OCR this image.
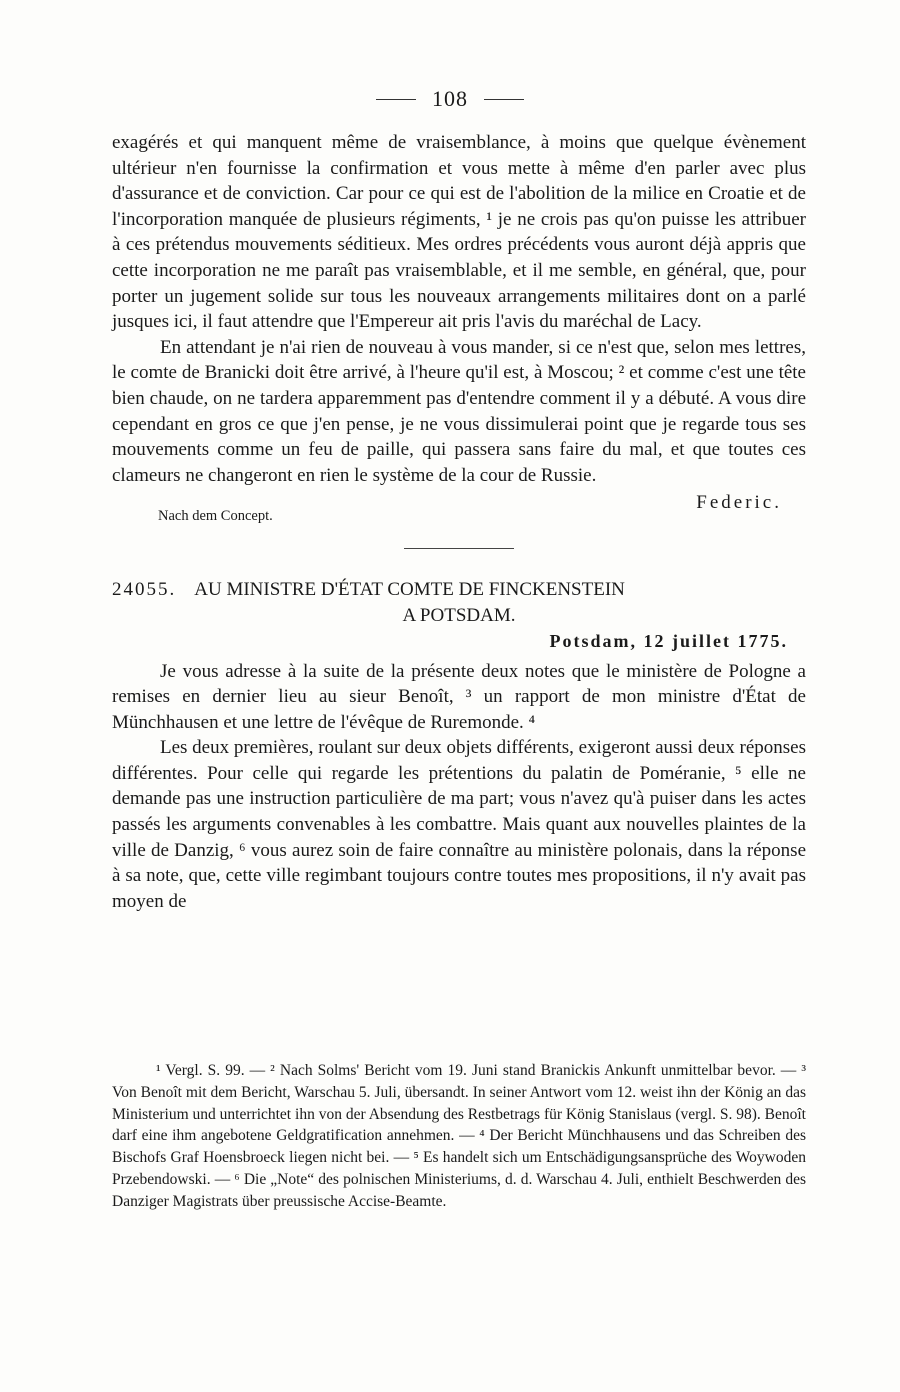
108

exagérés et qui manquent même de vraisemblance, à moins que quelque évènement ultérieur n'en fournisse la confirmation et vous mette à même d'en parler avec plus d'assurance et de conviction. Car pour ce qui est de l'abolition de la milice en Croatie et de l'incorporation manquée de plusieurs régiments, ¹ je ne crois pas qu'on puisse les attribuer à ces prétendus mouvements séditieux. Mes ordres précédents vous auront déjà appris que cette incorporation ne me paraît pas vraisemblable, et il me semble, en général, que, pour porter un jugement solide sur tous les nouveaux arrangements militaires dont on a parlé jusques ici, il faut attendre que l'Empereur ait pris l'avis du maréchal de Lacy.

En attendant je n'ai rien de nouveau à vous mander, si ce n'est que, selon mes lettres, le comte de Branicki doit être arrivé, à l'heure qu'il est, à Moscou; ² et comme c'est une tête bien chaude, on ne tardera apparemment pas d'entendre comment il y a débuté. A vous dire cependant en gros ce que j'en pense, je ne vous dissimulerai point que je regarde tous ses mouvements comme un feu de paille, qui passera sans faire du mal, et que toutes ces clameurs ne changeront en rien le système de la cour de Russie.

Nach dem Concept.
Federic.
24055. AU MINISTRE D'ÉTAT COMTE DE FINCKENSTEIN
A POTSDAM.
Potsdam, 12 juillet 1775.

Je vous adresse à la suite de la présente deux notes que le ministère de Pologne a remises en dernier lieu au sieur Benoît, ³ un rapport de mon ministre d'État de Münchhausen et une lettre de l'évêque de Ruremonde. ⁴

Les deux premières, roulant sur deux objets différents, exigeront aussi deux réponses différentes. Pour celle qui regarde les prétentions du palatin de Poméranie, ⁵ elle ne demande pas une instruction particulière de ma part; vous n'avez qu'à puiser dans les actes passés les arguments convenables à les combattre. Mais quant aux nouvelles plaintes de la ville de Danzig, ⁶ vous aurez soin de faire connaître au ministère polonais, dans la réponse à sa note, que, cette ville regimbant toujours contre toutes mes propositions, il n'y avait pas moyen de

¹ Vergl. S. 99. — ² Nach Solms' Bericht vom 19. Juni stand Branickis Ankunft unmittelbar bevor. — ³ Von Benoît mit dem Bericht, Warschau 5. Juli, übersandt. In seiner Antwort vom 12. weist ihn der König an das Ministerium und unterrichtet ihn von der Absendung des Restbetrags für König Stanislaus (vergl. S. 98). Benoît darf eine ihm angebotene Geldgratification annehmen. — ⁴ Der Bericht Münchhausens und das Schreiben des Bischofs Graf Hoensbroeck liegen nicht bei. — ⁵ Es handelt sich um Entschädigungsansprüche des Woywoden Przebendowski. — ⁶ Die „Note“ des polnischen Ministeriums, d. d. Warschau 4. Juli, enthielt Beschwerden des Danziger Magistrats über preussische Accise-Beamte.
